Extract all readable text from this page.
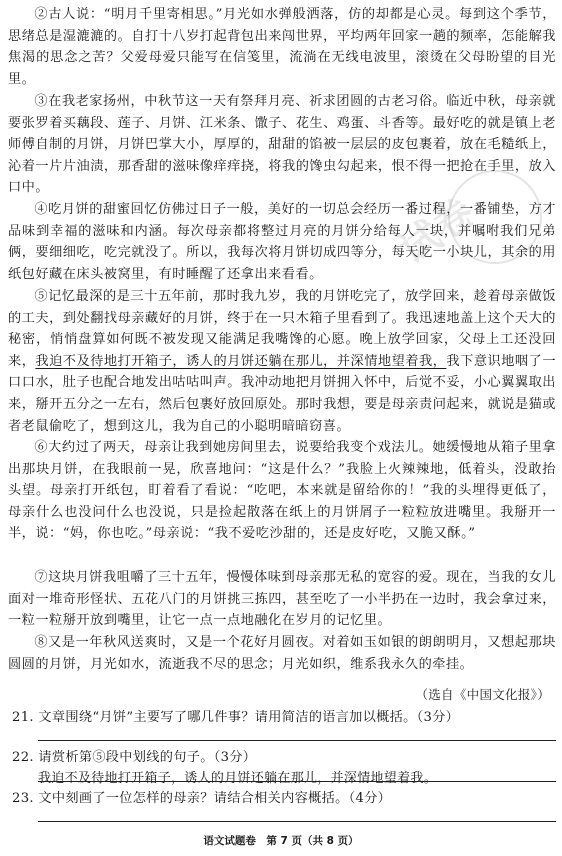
②古人说：“明月千里寄相思。”月光如水弹般洒落，仿的却都是心灵。每到这个季节，思绪总是湿漉漉的。自打十八岁打起背包出来闯世界，平均两年回家一趟的频率，怎能解我焦渴的思念之苦？父爱母爱只能写在信笺里，流淌在无线电波里，滚烫在父母盼望的目光里。

③在我老家扬州，中秋节这一天有祭拜月亮、祈求团圆的古老习俗。临近中秋，母亲就要张罗着买藕段、莲子、月饼、江米条、馓子、花生、鸡蛋、斗香等。最好吃的就是镇上老师傅自制的月饼，月饼巴掌大小，厚厚的，甜甜的馅被一层层的皮包裹着，放在毛糙纸上，沁着一片片油渍，那香甜的滋味像痒痒挠，将我的馋虫勾起来，恨不得一把抢在手里，放入口中。

④吃月饼的甜蜜回忆仿佛过日子一般，美好的一切总会经历一番过程，一番铺垫，方才品味到幸福的滋味和内涵。每次母亲都将整过月亮的月饼分给每人一块，并嘱咐我们兄弟俩，要细细吃，吃完就没了。所以，我每次将月饼切成四等分，每天吃一小块儿，其余的用纸包好藏在床头被窝里，有时睡醒了还拿出来看看。

⑤记忆最深的是三十五年前，那时我九岁，我的月饼吃完了，放学回来，趁着母亲做饭的工夫，到处翻找母亲藏好的月饼，终于在一只木箱子里看到了。我迅速地盖上这个天大的秘密，悄悄盘算如何既不被发现又能满足我嘴馋的心愿。晚上放学回家，父母上工还没回来，我迫不及待地打开箱子，诱人的月饼还躺在那儿，并深情地望着我，我下意识地咽了一口口水，肚子也配合地发出咕咕叫声。我冲动地把月饼拥入怀中，后觉不妥，小心翼翼取出来，掰开五分之一左右，然后包裹好放回原处。那时我想，要是母亲责问起来，就说是猫或者老鼠偷吃了，想到这儿，我为自己的小聪明暗暗窃喜。

⑥大约过了两天，母亲让我到她房间里去，说要给我变个戏法儿。她缓慢地从箱子里拿出那块月饼，在我眼前一晃，欣喜地问：“这是什么？”我脸上火辣辣地，低着头，没敢抬头望。母亲打开纸包，盯着看了看说：“吃吧，本来就是留给你的！”我的头埋得更低了，母亲什么也没问什么也没说，只是捡起散落在纸上的月饼屑子一粒粒放进嘴里。我掰开一半，说：“妈，你也吃。”母亲说：“我不爱吃沙甜的，还是皮好吃，又脆又酥。”

⑦这块月饼我咀嚼了三十五年，慢慢体味到母亲那无私的宽容的爱。现在，当我的女儿面对一堆奇形怪状、五花八门的月饼挑三拣四，甚至吃了一小半扔在一边时，我会拿过来，一粒一粒掰开放到嘴里，让它一点一点地融化在岁月的记忆里。

⑧又是一年秋风送爽时，又是一个花好月圆夜。对着如玉如银的朗朗明月，又想起那块圆圆的月饼，月光如水，流逝我不尽的思念；月光如织，维系我永久的牵挂。

（选自《中国文化报》）
21. 文章围绕“月饼”主要写了哪几件事？请用简洁的语言加以概括。（3分）
22. 请赏析第⑤段中划线的句子。（3分）
我迫不及待地打开箱子，诱人的月饼还躺在那儿，并深情地望着我。
23. 文中刻画了一位怎样的母亲？请结合相关内容概括。（4分）
语文试题卷　第 7 页（共 8 页）
试卷
